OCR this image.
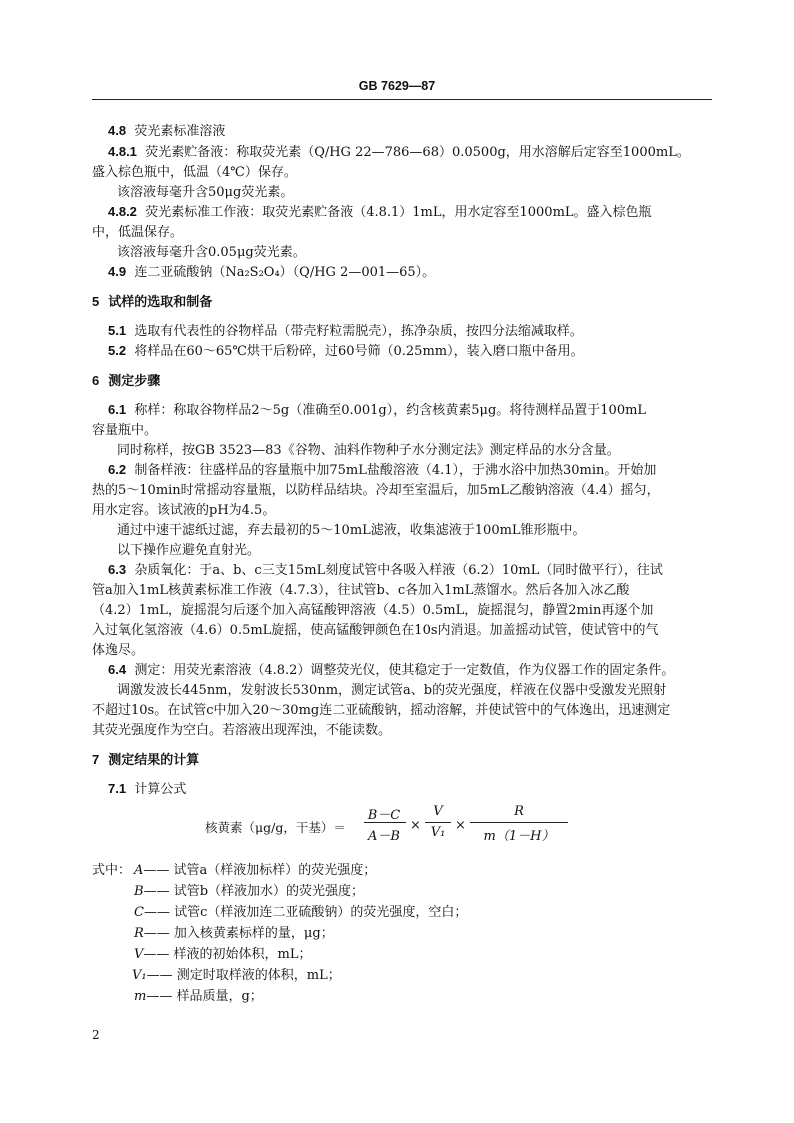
GB 7629—87
4.8 荧光素标准溶液
4.8.1 荧光素贮备液：称取荧光素（Q/HG 22—786—68）0.0500g，用水溶解后定容至1000mL。
盛入棕色瓶中，低温（4℃）保存。
该溶液每毫升含50μg荧光素。
4.8.2 荧光素标准工作液：取荧光素贮备液（4.8.1）1mL，用水定容至1000mL。盛入棕色瓶
中，低温保存。
该溶液每毫升含0.05μg荧光素。
4.9 连二亚硫酸钠（Na₂S₂O₄）（Q/HG 2—001—65）。
5 试样的选取和制备
5.1 选取有代表性的谷物样品（带壳籽粒需脱壳），拣净杂质，按四分法缩减取样。
5.2 将样品在60～65℃烘干后粉碎，过60号筛（0.25mm），装入磨口瓶中备用。
6 测定步骤
6.1 称样：称取谷物样品2～5g（准确至0.001g），约含核黄素5μg。将待测样品置于100mL
容量瓶中。
同时称样，按GB 3523—83《谷物、油料作物种子水分测定法》测定样品的水分含量。
6.2 制备样液：往盛样品的容量瓶中加75mL盐酸溶液（4.1），于沸水浴中加热30min。开始加
热的5～10min时常摇动容量瓶，以防样品结块。冷却至室温后，加5mL乙酸钠溶液（4.4）摇匀，
用水定容。该试液的pH为4.5。
通过中速干滤纸过滤，弃去最初的5～10mL滤液，收集滤液于100mL锥形瓶中。
以下操作应避免直射光。
6.3 杂质氧化：于a、b、c三支15mL刻度试管中各吸入样液（6.2）10mL（同时做平行），往试
管a加入1mL核黄素标准工作液（4.7.3），往试管b、c各加入1mL蒸馏水。然后各加入冰乙酸
（4.2）1mL，旋摇混匀后逐个加入高锰酸钾溶液（4.5）0.5mL，旋摇混匀，静置2min再逐个加
入过氧化氢溶液（4.6）0.5mL旋摇，使高锰酸钾颜色在10s内消退。加盖摇动试管，使试管中的气
体逸尽。
6.4 测定：用荧光素溶液（4.8.2）调整荧光仪，使其稳定于一定数值，作为仪器工作的固定条件。
调激发波长445nm，发射波长530nm，测定试管a、b的荧光强度，样液在仪器中受激发光照射
不超过10s。在试管c中加入20～30mg连二亚硫酸钠，摇动溶解，并使试管中的气体逸出，迅速测定
其荧光强度作为空白。若溶液出现浑浊，不能读数。
7 测定结果的计算
7.1 计算公式
核黄素（μg/g，干基）＝
B－C
A－B
×
V
V₁ ×
R
m（1－H）
式中： A—— 试管a（样液加标样）的荧光强度；
B—— 试管b（样液加水）的荧光强度；
C—— 试管c（样液加连二亚硫酸钠）的荧光强度，空白；
R—— 加入核黄素标样的量，μg；
V—— 样液的初始体积，mL；
V₁—— 测定时取样液的体积，mL；
m—— 样品质量，g；
2
